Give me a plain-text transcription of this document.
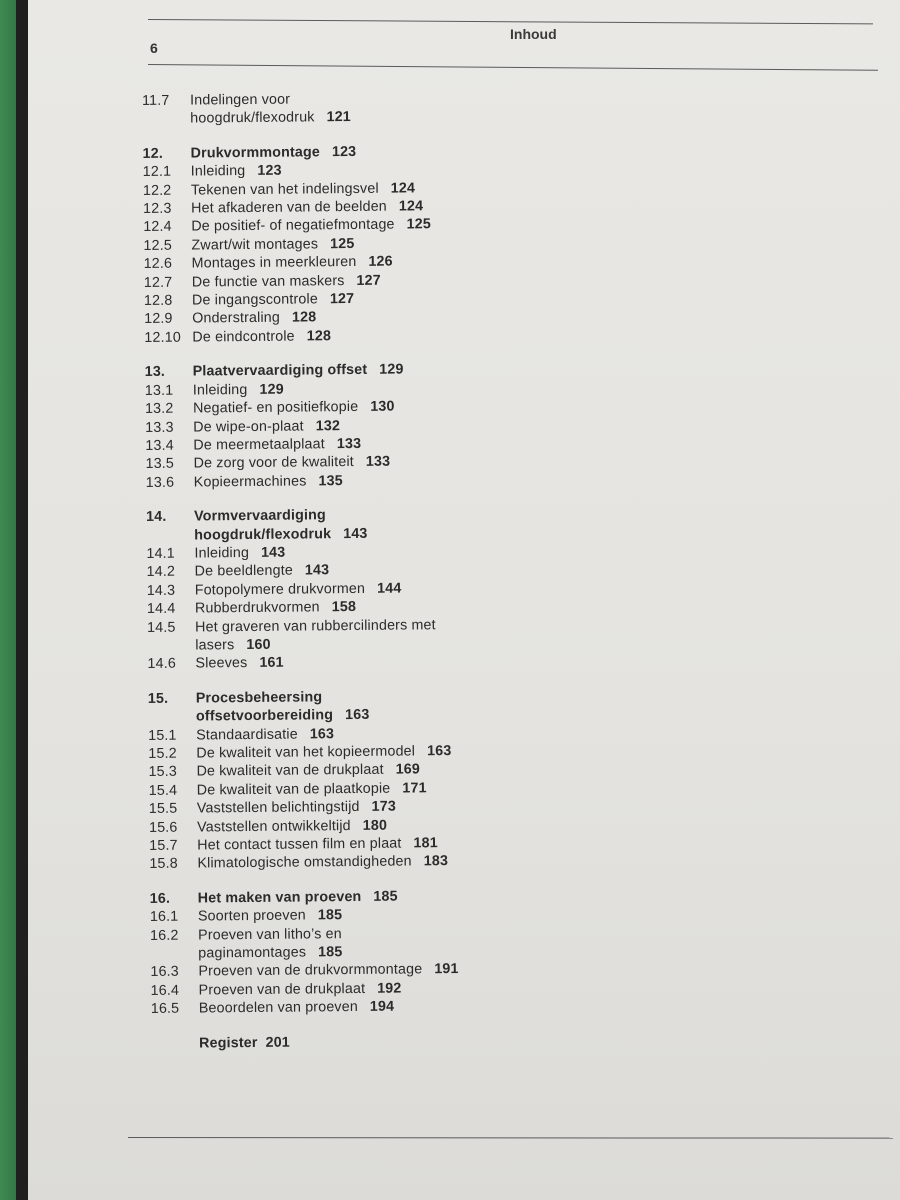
Inhoud
6
11.7	Indelingen voor
hoogdruk/flexodruk 121
12.	Drukvormmontage 123
12.1	Inleiding 123
12.2	Tekenen van het indelingsvel 124
12.3	Het afkaderen van de beelden 124
12.4	De positief- of negatiefmontage 125
12.5	Zwart/wit montages 125
12.6	Montages in meerkleuren 126
12.7	De functie van maskers 127
12.8	De ingangscontrole 127
12.9	Onderstraling 128
12.10 De eindcontrole 128
13.	Plaatvervaardiging offset 129
13.1	Inleiding 129
13.2	Negatief- en positiefkopie 130
13.3	De wipe-on-plaat 132
13.4	De meermetaalplaat 133
13.5	De zorg voor de kwaliteit 133
13.6	Kopieermachines 135
14.	Vormvervaardiging
hoogdruk/flexodruk 143
14.1	Inleiding 143
14.2	De beeldlengte 143
14.3	Fotopolymere drukvormen 144
14.4	Rubberdrukvormen 158
14.5	Het graveren van rubbercilinders met
lasers 160
14.6	Sleeves 161
15.	Procesbeheersing
offsetvoorbereiding 163
15.1	Standaardisatie 163
15.2	De kwaliteit van het kopieermodel 163
15.3	De kwaliteit van de drukplaat 169
15.4	De kwaliteit van de plaatkopie 171
15.5	Vaststellen belichtingstijd 173
15.6	Vaststellen ontwikkeltijd 180
15.7	Het contact tussen film en plaat 181
15.8	Klimatologische omstandigheden 183
16.	Het maken van proeven 185
16.1	Soorten proeven 185
16.2	Proeven van litho’s en
paginamontages 185
16.3	Proeven van de drukvormmontage 191
16.4	Proeven van de drukplaat 192
16.5	Beoordelen van proeven 194
Register 201
